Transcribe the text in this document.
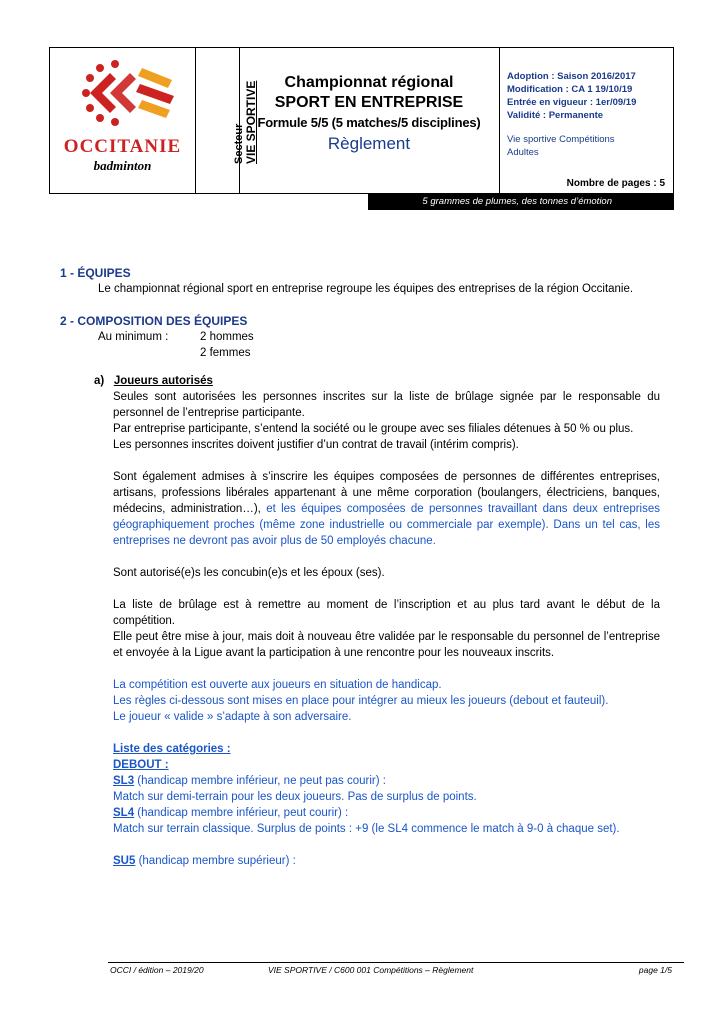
OCCITANIE
badminton
Secteur VIE SPORTIVE	Championnat régional
SPORT EN ENTREPRISE
Formule 5/5 (5 matches/5 disciplines)
Règlement
Adoption : Saison 2016/2017
Modification : CA 1 19/10/19
Entrée en vigueur : 1er/09/19
Validité : Permanente
Vie sportive Compétitions
Adultes
Nombre de pages : 5
5 grammes de plumes, des tonnes d’émotion
1 - ÉQUIPES

Le championnat régional sport en entreprise regroupe les équipes des entreprises de la région Occitanie.

2 - COMPOSITION DES ÉQUIPES
Au minimum :	2 hommes
2 femmes
a) Joueurs autorisés

Seules sont autorisées les personnes inscrites sur la liste de brûlage signée par le responsable du personnel de l’entreprise participante.

Par entreprise participante, s’entend la société ou le groupe avec ses filiales détenues à 50 % ou plus.

Les personnes inscrites doivent justifier d’un contrat de travail (intérim compris).

Sont également admises à s’inscrire les équipes composées de personnes de différentes entreprises, artisans, professions libérales appartenant à une même corporation (boulangers, électriciens, banques, médecins, administration…), et les équipes composées de personnes travaillant dans deux entreprises géographiquement proches (même zone industrielle ou commerciale par exemple). Dans un tel cas, les entreprises ne devront pas avoir plus de 50 employés chacune.

Sont autorisé(e)s les concubin(e)s et les époux (ses).

La liste de brûlage est à remettre au moment de l’inscription et au plus tard avant le début de la compétition.

Elle peut être mise à jour, mais doit à nouveau être validée par le responsable du personnel de l’entreprise et envoyée à la Ligue avant la participation à une rencontre pour les nouveaux inscrits.

La compétition est ouverte aux joueurs en situation de handicap.
Les règles ci-dessous sont mises en place pour intégrer au mieux les joueurs (debout et fauteuil).
Le joueur « valide » s’adapte à son adversaire.
Liste des catégories :
DEBOUT :
SL3 (handicap membre inférieur, ne peut pas courir) :
Match sur demi-terrain pour les deux joueurs. Pas de surplus de points.
SL4 (handicap membre inférieur, peut courir) :
Match sur terrain classique. Surplus de points : +9 (le SL4 commence le match à 9-0 à chaque set).
SU5 (handicap membre supérieur) :
OCCI / édition – 2019/20	VIE SPORTIVE / C600 001 Compétitions – Règlement	page 1/5
